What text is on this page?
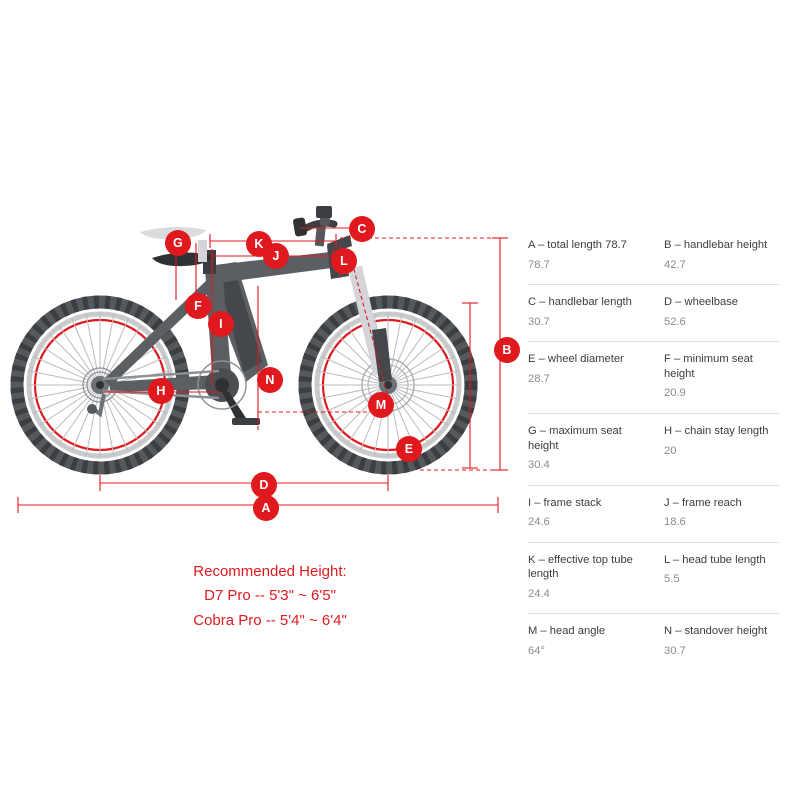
A
B
C
D
E
F
G
H
I
J
K
L
M
N
A – total length 78.7
78.7
B – handlebar height
42.7
C – handlebar length
30.7
D – wheelbase
52.6
E – wheel diameter
28.7
F – minimum seat height
20.9
G – maximum seat height
30.4
H – chain stay length
20
I – frame stack
24.6
J – frame reach
18.6
K – effective top tube length
24.4
L – head tube length
5.5
M – head angle
64°
N – standover height
30.7
Recommended Height:
D7 Pro -- 5'3" ~ 6'5"
Cobra Pro -- 5'4" ~ 6'4"
